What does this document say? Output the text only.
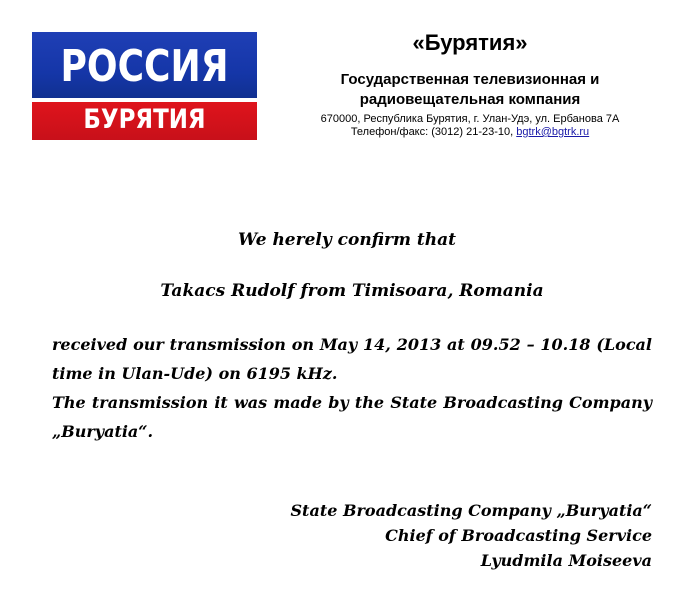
РОССИЯ
БУРЯТИЯ
«Бурятия»
Государственная телевизионная и
радиовещательная компания
670000, Республика Бурятия, г. Улан-Удэ, ул. Ербанова 7А
Телефон/факс: (3012) 21-23-10, bgtrk@bgtrk.ru
We herely confirm that
Takacs Rudolf from Timisoara, Romania

received our transmission on May 14, 2013 at 09.52 – 10.18 (Local time in Ulan-Ude) on 6195 kHz.

The transmission it was made by the State Broadcasting Company „Buryatia“.

State Broadcasting Company „Buryatia“
Chief of Broadcasting Service
Lyudmila Moiseeva
